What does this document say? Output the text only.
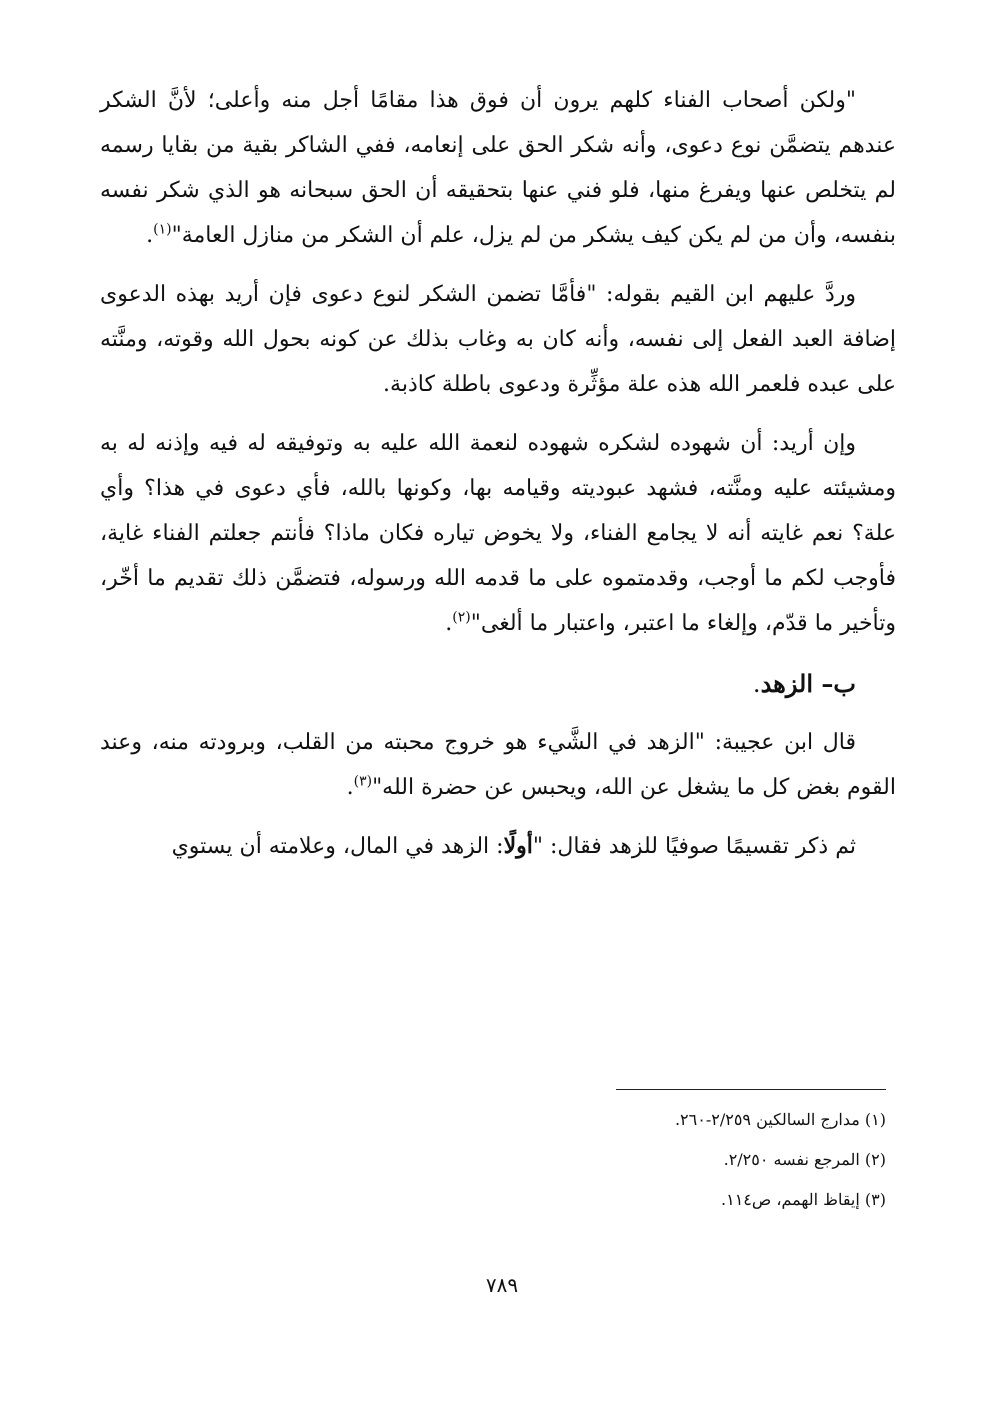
"ولكن أصحاب الفناء كلهم يرون أن فوق هذا مقامًا أجل منه وأعلى؛ لأنَّ الشكر عندهم يتضمَّن نوع دعوى، وأنه شكر الحق على إنعامه، ففي الشاكر بقية من بقايا رسمه لم يتخلص عنها ويفرغ منها، فلو فني عنها بتحقيقه أن الحق سبحانه هو الذي شكر نفسه بنفسه، وأن من لم يكن كيف يشكر من لم يزل، علم أن الشكر من منازل العامة"$^{(١)}$.

وردَّ عليهم ابن القيم بقوله: "فأمَّا تضمن الشكر لنوع دعوى فإن أريد بهذه الدعوى إضافة العبد الفعل إلى نفسه، وأنه كان به وغاب بذلك عن كونه بحول الله وقوته، ومنَّته على عبده فلعمر الله هذه علة مؤثِّرة ودعوى باطلة كاذبة.

وإن أريد: أن شهوده لشكره شهوده لنعمة الله عليه به وتوفيقه له فيه وإذنه له به ومشيئته عليه ومنَّته، فشهد عبوديته وقيامه بها، وكونها بالله، فأي دعوى في هذا؟ وأي علة؟ نعم غايته أنه لا يجامع الفناء، ولا يخوض تياره فكان ماذا؟ فأنتم جعلتم الفناء غاية، فأوجب لكم ما أوجب، وقدمتموه على ما قدمه الله ورسوله، فتضمَّن ذلك تقديم ما أخّر، وتأخير ما قدّم، وإلغاء ما اعتبر، واعتبار ما ألغى"$^{(٢)}$.

ب– الزهد.

قال ابن عجيبة: "الزهد في الشَّيء هو خروج محبته من القلب، وبرودته منه، وعند القوم بغض كل ما يشغل عن الله، ويحبس عن حضرة الله"$^{(٣)}$.

ثم ذكر تقسيمًا صوفيًا للزهد فقال: "أولًا: الزهد في المال، وعلامته أن يستوي

(١) مدارج السالكين ٢/٢٥٩-٢٦٠.

(٢) المرجع نفسه ٢/٢٥٠.

(٣) إيقاظ الهمم، ص١١٤.

٧٨٩
